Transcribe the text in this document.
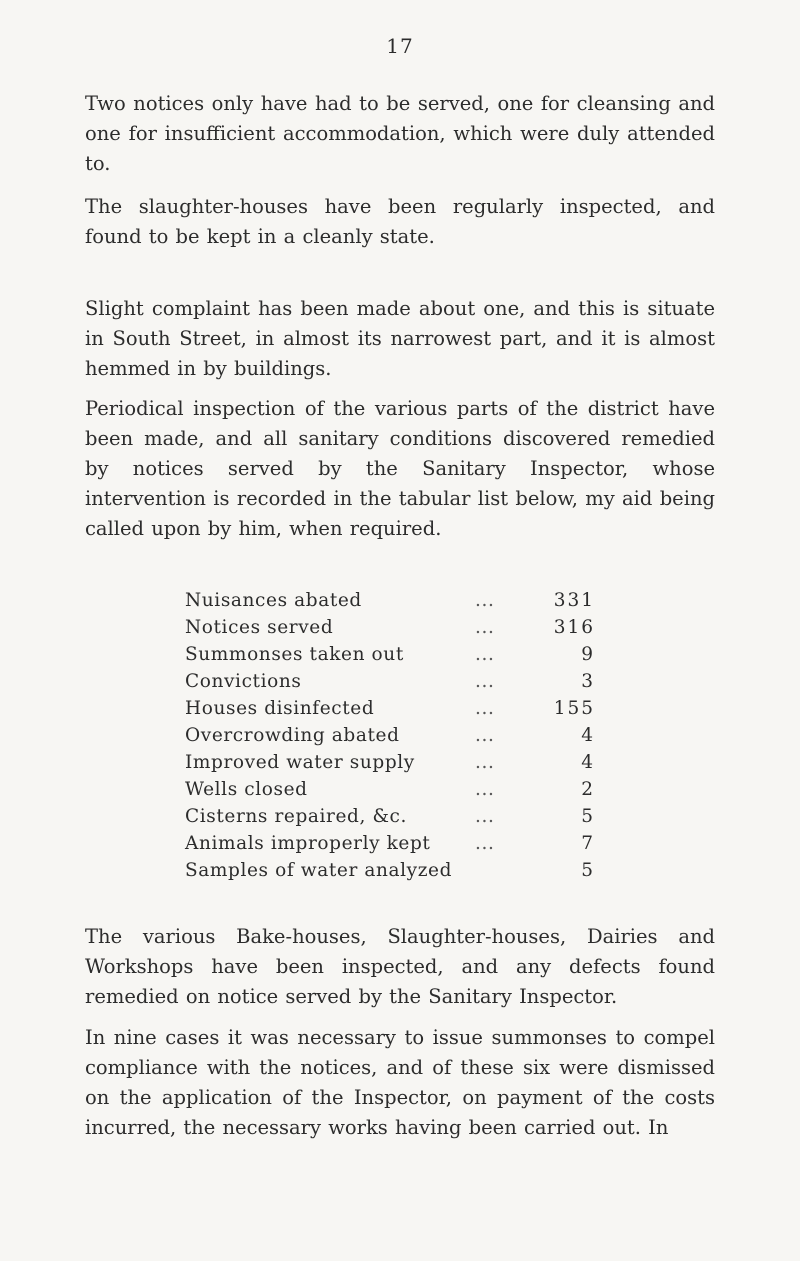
17

Two notices only have had to be served, one for cleansing and one for insufficient accommodation, which were duly attended to.

The slaughter-houses have been regularly inspected, and found to be kept in a cleanly state.

Slight complaint has been made about one, and this is situate in South Street, in almost its narrowest part, and it is almost hemmed in by buildings.

Periodical inspection of the various parts of the district have been made, and all sanitary conditions discovered remedied by notices served by the Sanitary Inspector, whose intervention is recorded in the tabular list below, my aid being called upon by him, when required.

Nuisances abated	...	331
Notices served	...	316
Summonses taken out	...	9
Convictions	...	3
Houses disinfected	...	155
Overcrowding abated	...	4
Improved water supply	...	4
Wells closed	...	2
Cisterns repaired, &c.	...	5
Animals improperly kept ...	7
Samples of water analyzed	5

The various Bake-houses, Slaughter-houses, Dairies and Workshops have been inspected, and any defects found remedied on notice served by the Sanitary Inspector.

In nine cases it was necessary to issue summonses to compel compliance with the notices, and of these six were dismissed on the application of the Inspector, on payment of the costs incurred, the necessary works having been carried out. In
